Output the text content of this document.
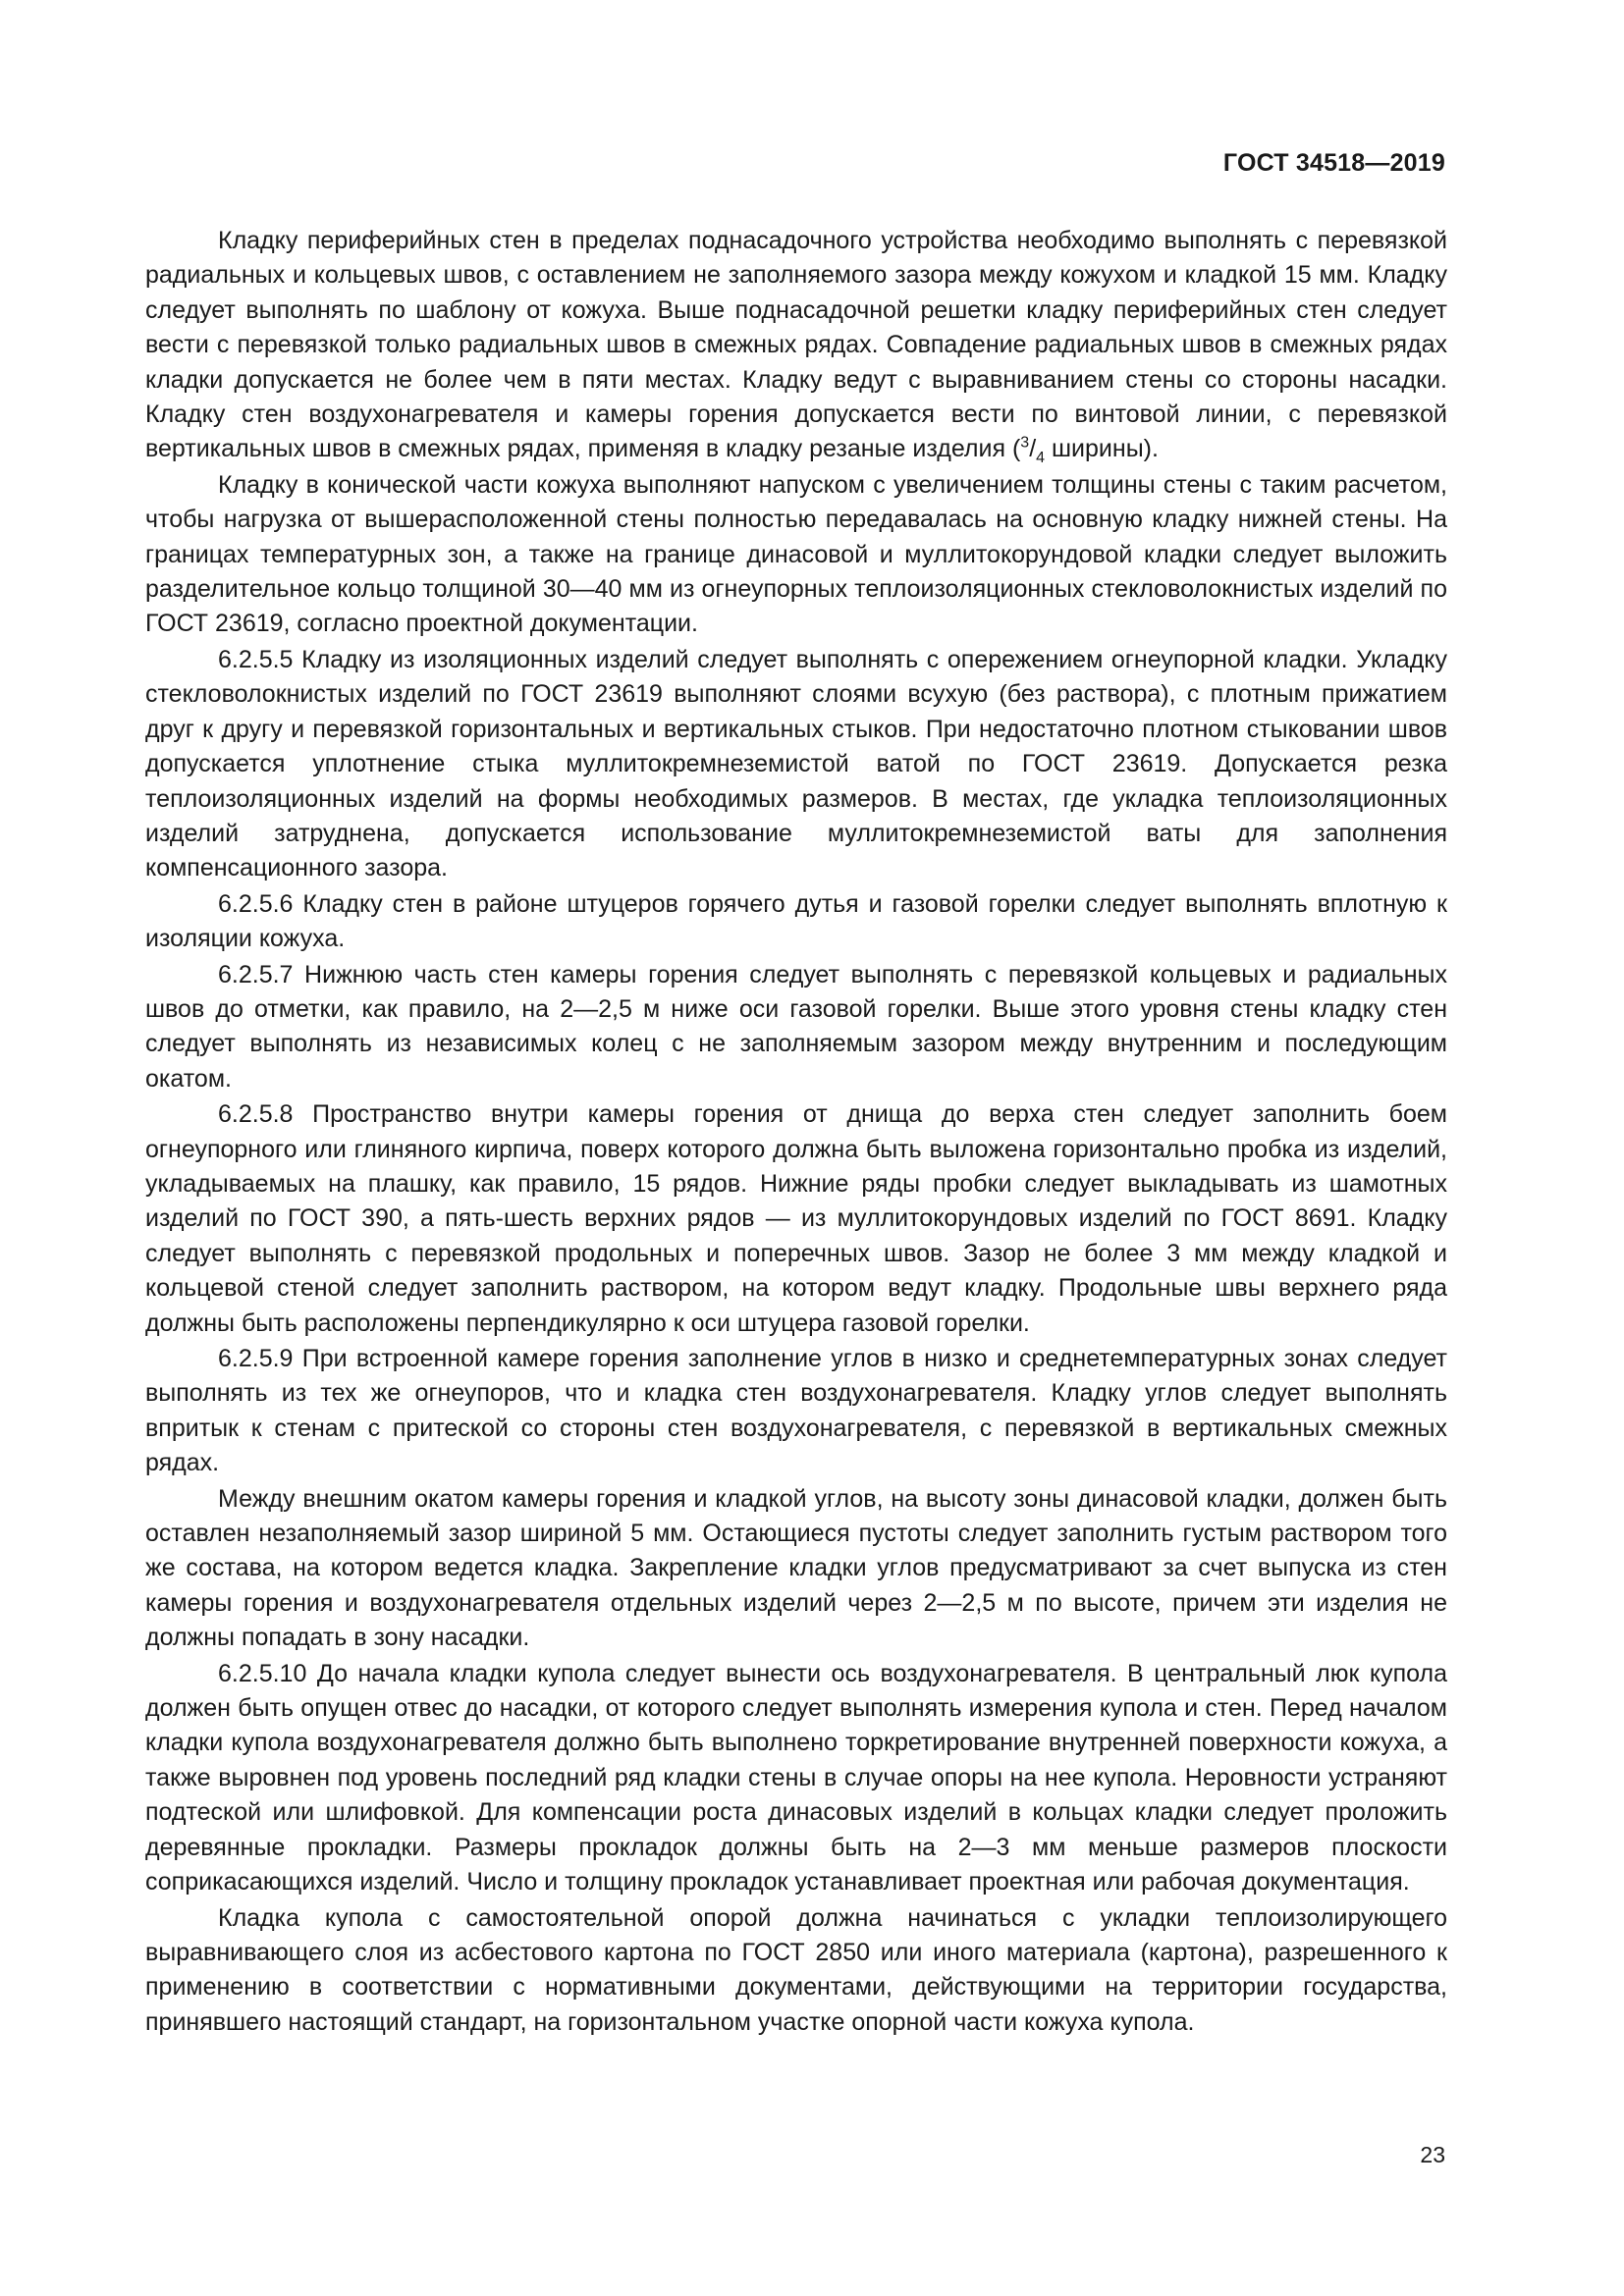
ГОСТ 34518—2019

Кладку периферийных стен в пределах поднасадочного устройства необходимо выполнять с перевязкой радиальных и кольцевых швов, с оставлением не заполняемого зазора между кожухом и кладкой 15 мм. Кладку следует выполнять по шаблону от кожуха. Выше поднасадочной решетки кладку периферийных стен следует вести с перевязкой только радиальных швов в смежных рядах. Совпадение радиальных швов в смежных рядах кладки допускается не более чем в пяти местах. Кладку ведут с выравниванием стены со стороны насадки. Кладку стен воздухонагревателя и камеры горения допускается вести по винтовой линии, с перевязкой вертикальных швов в смежных рядах, применяя в кладку резаные изделия ($^3/_4$ ширины).

Кладку в конической части кожуха выполняют напуском с увеличением толщины стены с таким расчетом, чтобы нагрузка от вышерасположенной стены полностью передавалась на основную кладку нижней стены. На границах температурных зон, а также на границе динасовой и муллитокорундовой кладки следует выложить разделительное кольцо толщиной 30—40 мм из огнеупорных теплоизоляционных стекловолокнистых изделий по ГОСТ 23619, согласно проектной документации.

6.2.5.5 Кладку из изоляционных изделий следует выполнять с опережением огнеупорной кладки. Укладку стекловолокнистых изделий по ГОСТ 23619 выполняют слоями всухую (без раствора), с плотным прижатием друг к другу и перевязкой горизонтальных и вертикальных стыков. При недостаточно плотном стыковании швов допускается уплотнение стыка муллитокремнеземистой ватой по ГОСТ 23619. Допускается резка теплоизоляционных изделий на формы необходимых размеров. В местах, где укладка теплоизоляционных изделий затруднена, допускается использование муллитокремнеземистой ваты для заполнения компенсационного зазора.

6.2.5.6 Кладку стен в районе штуцеров горячего дутья и газовой горелки следует выполнять вплотную к изоляции кожуха.

6.2.5.7 Нижнюю часть стен камеры горения следует выполнять с перевязкой кольцевых и радиальных швов до отметки, как правило, на 2—2,5 м ниже оси газовой горелки. Выше этого уровня стены кладку стен следует выполнять из независимых колец с не заполняемым зазором между внутренним и последующим окатом.

6.2.5.8 Пространство внутри камеры горения от днища до верха стен следует заполнить боем огнеупорного или глиняного кирпича, поверх которого должна быть выложена горизонтально пробка из изделий, укладываемых на плашку, как правило, 15 рядов. Нижние ряды пробки следует выкладывать из шамотных изделий по ГОСТ 390, а пять-шесть верхних рядов — из муллитокорундовых изделий по ГОСТ 8691. Кладку следует выполнять с перевязкой продольных и поперечных швов. Зазор не более 3 мм между кладкой и кольцевой стеной следует заполнить раствором, на котором ведут кладку. Продольные швы верхнего ряда должны быть расположены перпендикулярно к оси штуцера газовой горелки.

6.2.5.9 При встроенной камере горения заполнение углов в низко и среднетемпературных зонах следует выполнять из тех же огнеупоров, что и кладка стен воздухонагревателя. Кладку углов следует выполнять впритык к стенам с притеской со стороны стен воздухонагревателя, с перевязкой в вертикальных смежных рядах.

Между внешним окатом камеры горения и кладкой углов, на высоту зоны динасовой кладки, должен быть оставлен незаполняемый зазор шириной 5 мм. Остающиеся пустоты следует заполнить густым раствором того же состава, на котором ведется кладка. Закрепление кладки углов предусматривают за счет выпуска из стен камеры горения и воздухонагревателя отдельных изделий через 2—2,5 м по высоте, причем эти изделия не должны попадать в зону насадки.

6.2.5.10 До начала кладки купола следует вынести ось воздухонагревателя. В центральный люк купола должен быть опущен отвес до насадки, от которого следует выполнять измерения купола и стен. Перед началом кладки купола воздухонагревателя должно быть выполнено торкретирование внутренней поверхности кожуха, а также выровнен под уровень последний ряд кладки стены в случае опоры на нее купола. Неровности устраняют подтеской или шлифовкой. Для компенсации роста динасовых изделий в кольцах кладки следует проложить деревянные прокладки. Размеры прокладок должны быть на 2—3 мм меньше размеров плоскости соприкасающихся изделий. Число и толщину прокладок устанавливает проектная или рабочая документация.

Кладка купола с самостоятельной опорой должна начинаться с укладки теплоизолирующего выравнивающего слоя из асбестового картона по ГОСТ 2850 или иного материала (картона), разрешенного к применению в соответствии с нормативными документами, действующими на территории государства, принявшего настоящий стандарт, на горизонтальном участке опорной части кожуха купола.

23
